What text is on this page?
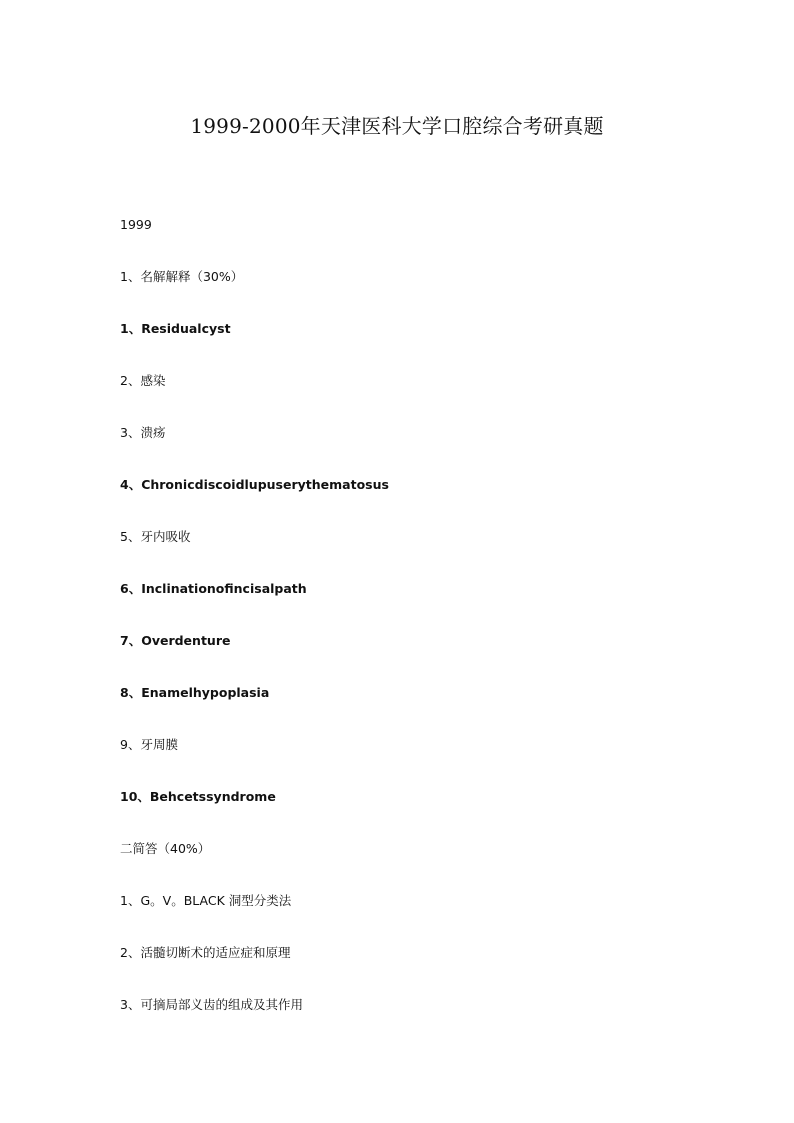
1999-2000年天津医科大学口腔综合考研真题
1999
1、名解解释（30%）
1、Residualcyst
2、感染
3、溃疡
4、Chronicdiscoidlupuserythematosus
5、牙内吸收
6、Inclinationofincisalpath
7、Overdenture
8、Enamelhypoplasia
9、牙周膜
10、Behcetssyndrome
二简答（40%）
1、G。V。BLACK 洞型分类法
2、活髓切断术的适应症和原理
3、可摘局部义齿的组成及其作用
